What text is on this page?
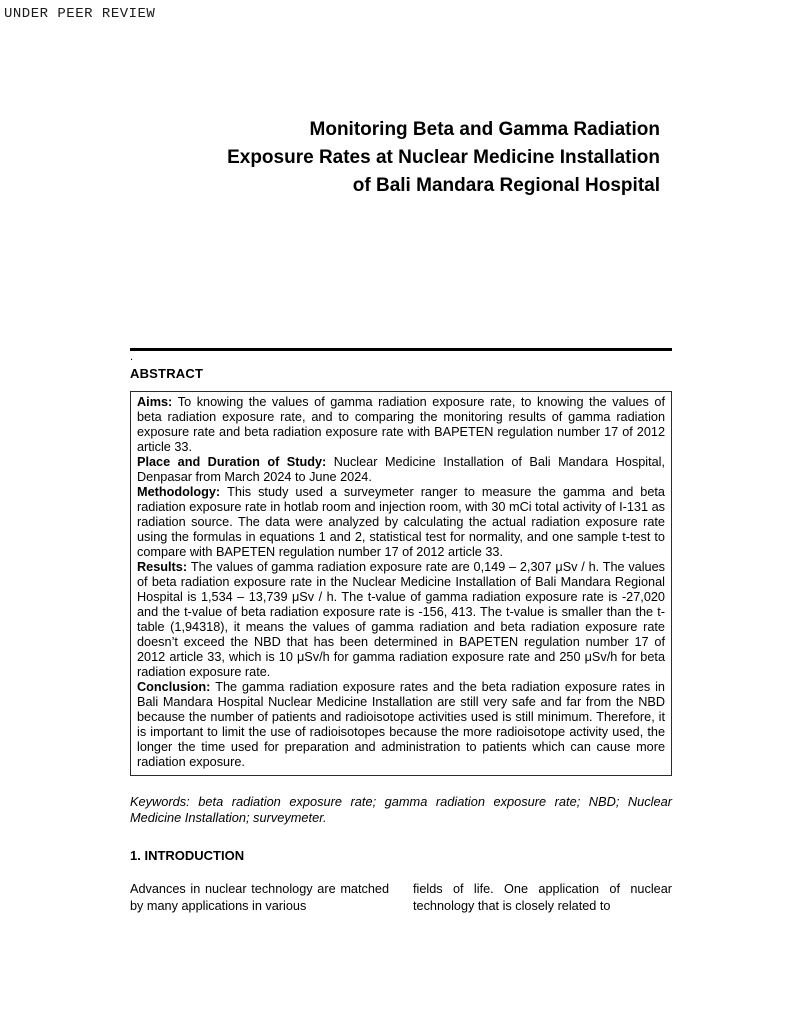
UNDER PEER REVIEW
Monitoring Beta and Gamma Radiation
Exposure Rates at Nuclear Medicine Installation
of Bali Mandara Regional Hospital
.
ABSTRACT

Aims: To knowing the values of gamma radiation exposure rate, to knowing the values of beta radiation exposure rate, and to comparing the monitoring results of gamma radiation exposure rate and beta radiation exposure rate with BAPETEN regulation number 17 of 2012 article 33.

Place and Duration of Study: Nuclear Medicine Installation of Bali Mandara Hospital, Denpasar from March 2024 to June 2024.

Methodology: This study used a surveymeter ranger to measure the gamma and beta radiation exposure rate in hotlab room and injection room, with 30 mCi total activity of I-131 as radiation source. The data were analyzed by calculating the actual radiation exposure rate using the formulas in equations 1 and 2, statistical test for normality, and one sample t-test to compare with BAPETEN regulation number 17 of 2012 article 33.

Results: The values of gamma radiation exposure rate are 0,149 – 2,307 μSv / h. The values of beta radiation exposure rate in the Nuclear Medicine Installation of Bali Mandara Regional Hospital is 1,534 – 13,739 μSv / h. The t-value of gamma radiation exposure rate is -27,020 and the t-value of beta radiation exposure rate is -156, 413. The t-value is smaller than the t-table (1,94318), it means the values of gamma radiation and beta radiation exposure rate doesn’t exceed the NBD that has been determined in BAPETEN regulation number 17 of 2012 article 33, which is 10 μSv/h for gamma radiation exposure rate and 250 μSv/h for beta radiation exposure rate.

Conclusion: The gamma radiation exposure rates and the beta radiation exposure rates in Bali Mandara Hospital Nuclear Medicine Installation are still very safe and far from the NBD because the number of patients and radioisotope activities used is still minimum. Therefore, it is important to limit the use of radioisotopes because the more radioisotope activity used, the longer the time used for preparation and administration to patients which can cause more radiation exposure.

Keywords: beta radiation exposure rate; gamma radiation exposure rate; NBD; Nuclear Medicine Installation; surveymeter.
1. INTRODUCTION
Advances in nuclear technology are matched by many applications in various
fields of life. One application of nuclear technology that is closely related to
